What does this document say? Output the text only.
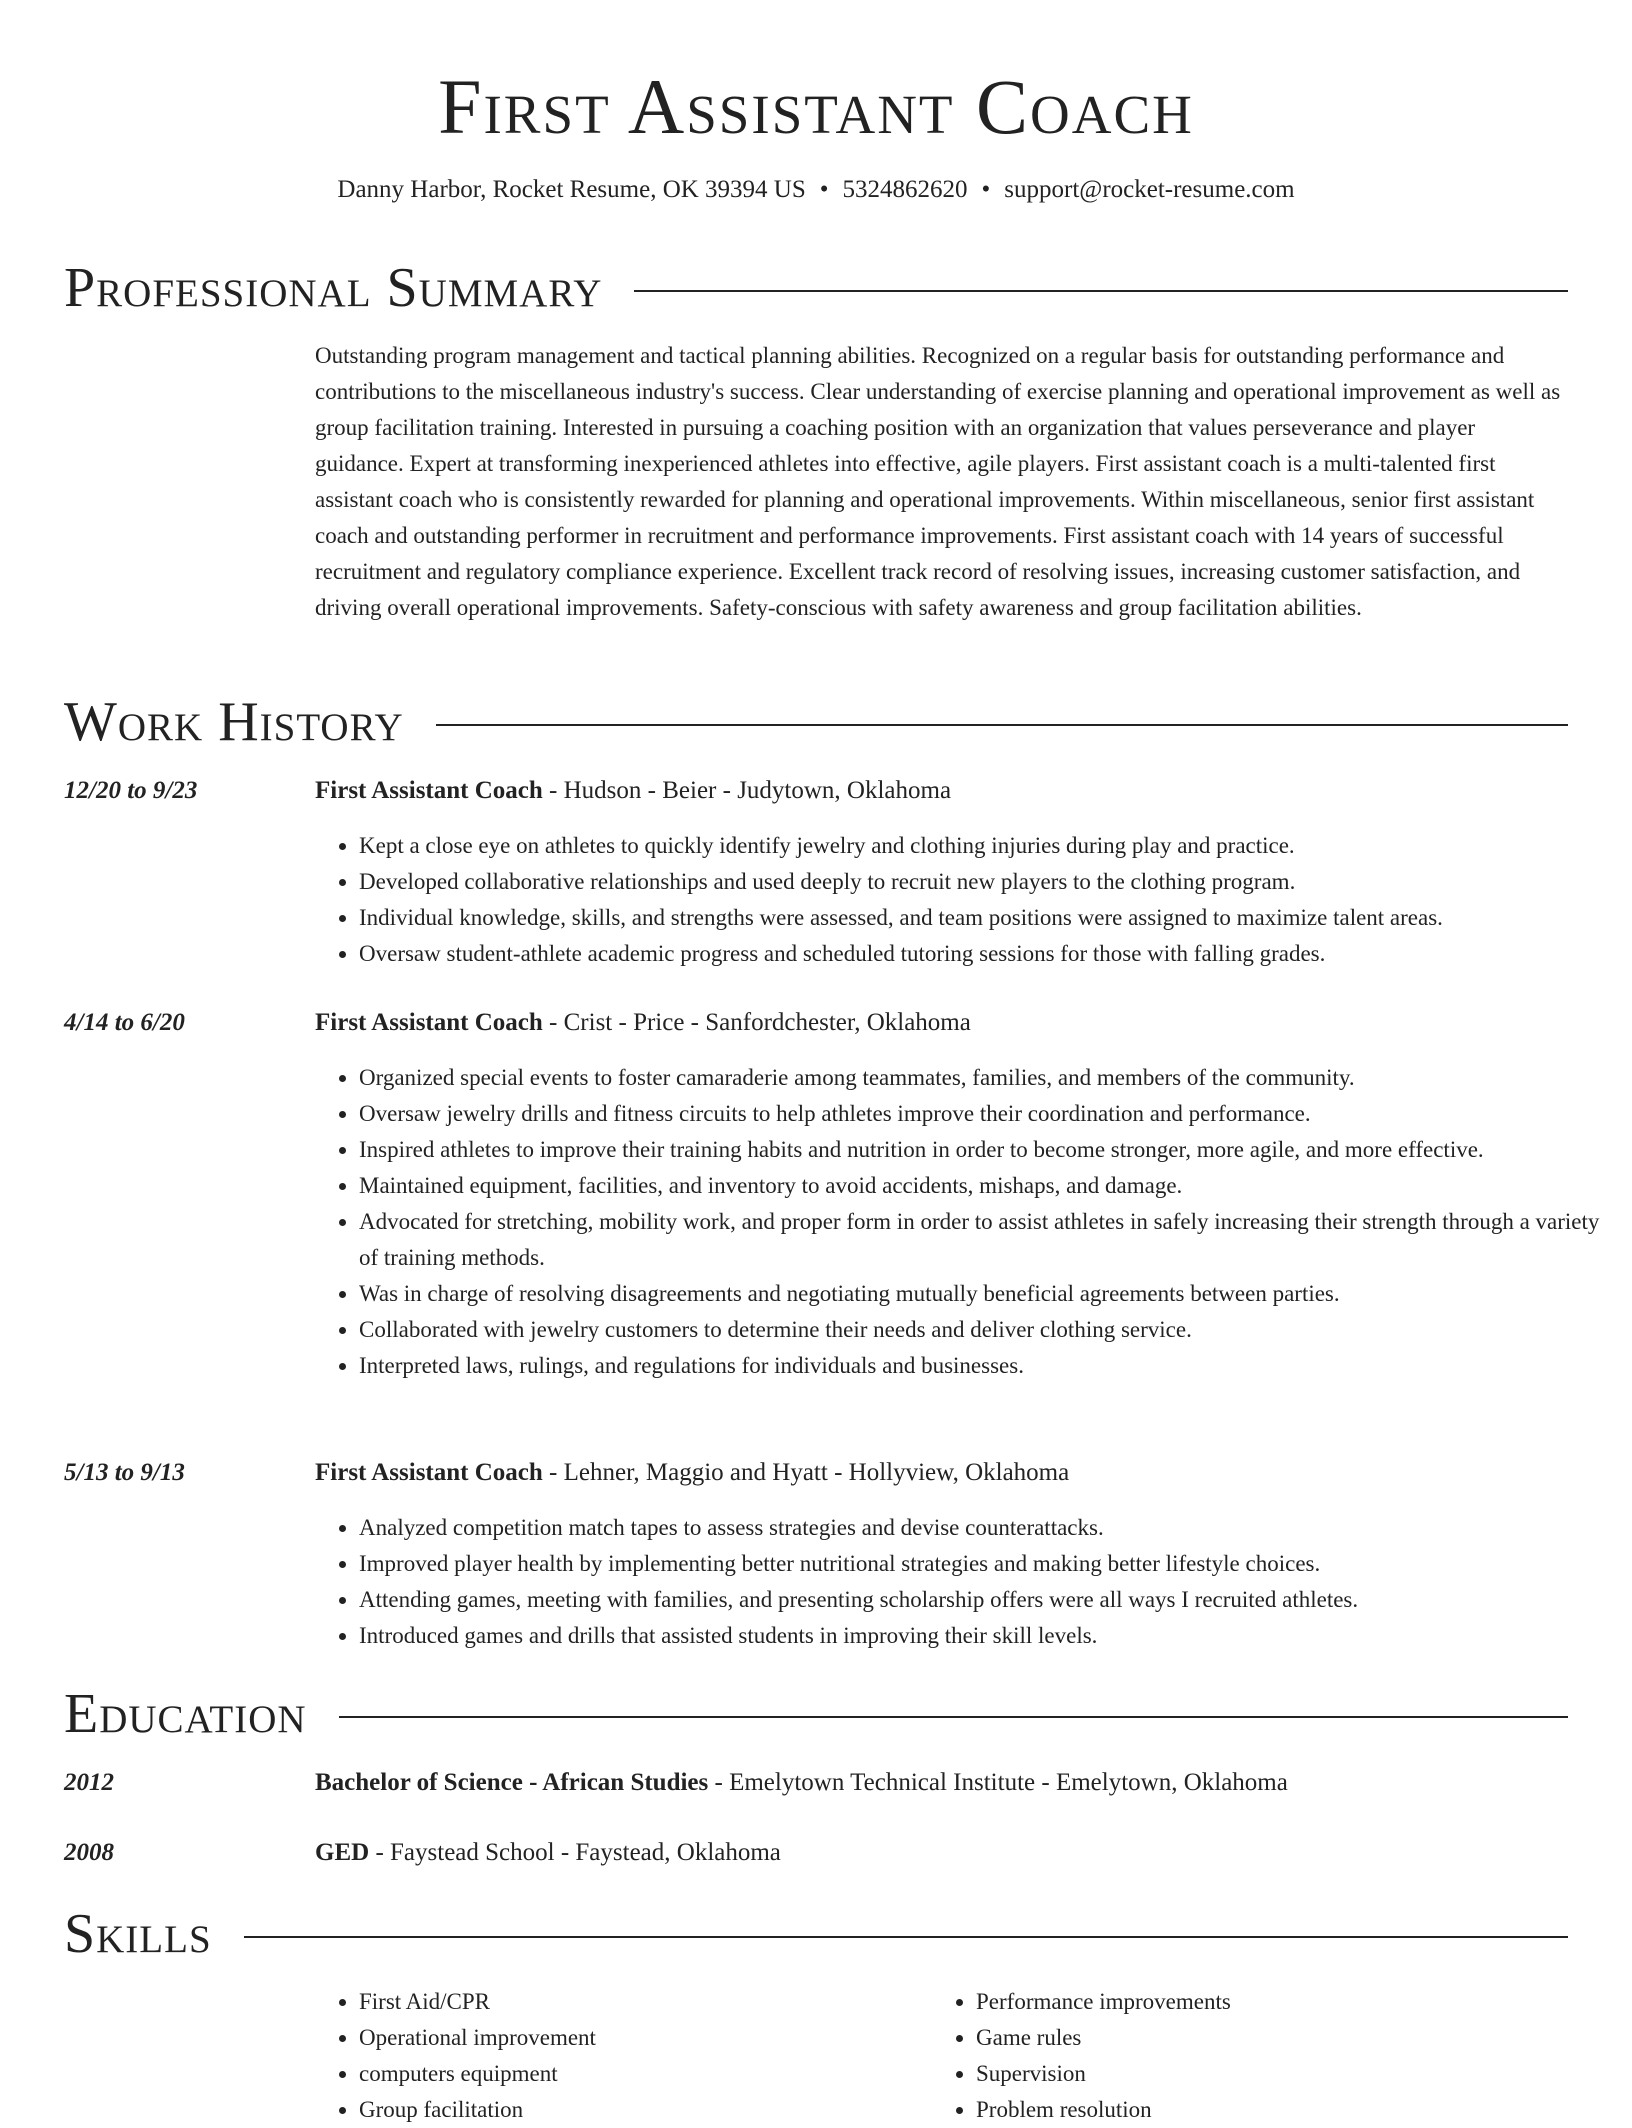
First Assistant Coach
Danny Harbor, Rocket Resume, OK 39394 US • 5324862620 • support@rocket-resume.com
Professional Summary

Outstanding program management and tactical planning abilities. Recognized on a regular basis for outstanding performance and contributions to the miscellaneous industry's success. Clear understanding of exercise planning and operational improvement as well as group facilitation training. Interested in pursuing a coaching position with an organization that values perseverance and player guidance. Expert at transforming inexperienced athletes into effective, agile players. First assistant coach is a multi-talented first assistant coach who is consistently rewarded for planning and operational improvements. Within miscellaneous, senior first assistant coach and outstanding performer in recruitment and performance improvements. First assistant coach with 14 years of successful recruitment and regulatory compliance experience. Excellent track record of resolving issues, increasing customer satisfaction, and driving overall operational improvements. Safety-conscious with safety awareness and group facilitation abilities.

Work History
12/20 to 9/23	First Assistant Coach - Hudson - Beier - Judytown, Oklahoma
• Kept a close eye on athletes to quickly identify jewelry and clothing injuries during play and practice.
• Developed collaborative relationships and used deeply to recruit new players to the clothing program.
• Individual knowledge, skills, and strengths were assessed, and team positions were assigned to maximize talent areas.
• Oversaw student-athlete academic progress and scheduled tutoring sessions for those with falling grades.
4/14 to 6/20	First Assistant Coach - Crist - Price - Sanfordchester, Oklahoma
• Organized special events to foster camaraderie among teammates, families, and members of the community.
• Oversaw jewelry drills and fitness circuits to help athletes improve their coordination and performance.
• Inspired athletes to improve their training habits and nutrition in order to become stronger, more agile, and more effective.
• Maintained equipment, facilities, and inventory to avoid accidents, mishaps, and damage.
• Advocated for stretching, mobility work, and proper form in order to assist athletes in safely increasing their strength through a variety of training methods.
• Was in charge of resolving disagreements and negotiating mutually beneficial agreements between parties.
• Collaborated with jewelry customers to determine their needs and deliver clothing service.
• Interpreted laws, rulings, and regulations for individuals and businesses.
5/13 to 9/13	First Assistant Coach - Lehner, Maggio and Hyatt - Hollyview, Oklahoma
• Analyzed competition match tapes to assess strategies and devise counterattacks.
• Improved player health by implementing better nutritional strategies and making better lifestyle choices.
• Attending games, meeting with families, and presenting scholarship offers were all ways I recruited athletes.
• Introduced games and drills that assisted students in improving their skill levels.
Education
2012	Bachelor of Science - African Studies - Emelytown Technical Institute - Emelytown, Oklahoma
2008	GED - Faystead School - Faystead, Oklahoma
Skills
• First Aid/CPR
• Operational improvement
• computers equipment
• Group facilitation
• Performance improvements
• Game rules
• Supervision
• Problem resolution
